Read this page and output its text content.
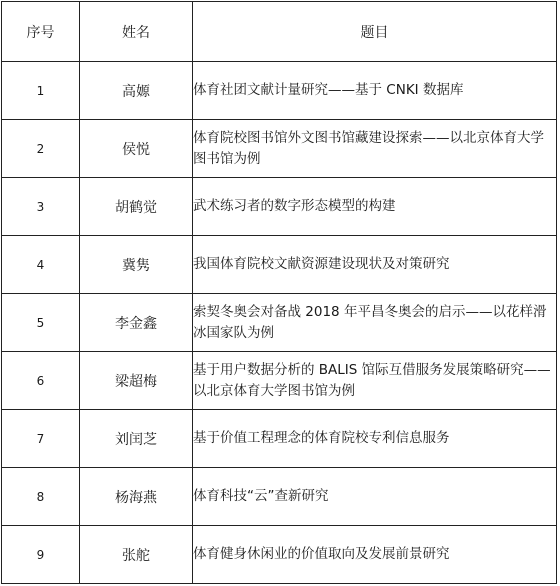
序号	姓名	题目
1	高嫄	体育社团文献计量研究——基于 CNKI 数据库
2	侯悦	体育院校图书馆外文图书馆藏建设探索——以北京体育大学图书馆为例
3	胡鹤觉	武术练习者的数字形态模型的构建
4	冀隽	我国体育院校文献资源建设现状及对策研究
5	李金鑫	索契冬奥会对备战 2018 年平昌冬奥会的启示——以花样滑冰国家队为例
6	梁超梅	基于用户数据分析的 BALIS 馆际互借服务发展策略研究——以北京体育大学图书馆为例
7	刘闰芝	基于价值工程理念的体育院校专利信息服务
8	杨海燕	体育科技“云”查新研究
9	张舵	体育健身休闲业的价值取向及发展前景研究
